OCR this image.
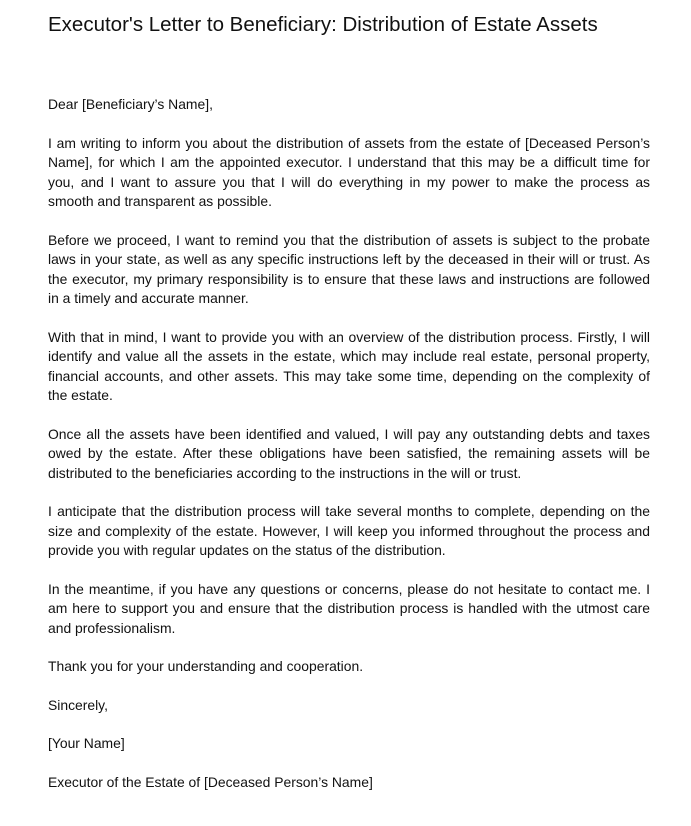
Executor's Letter to Beneficiary: Distribution of Estate Assets

Dear [Beneficiary’s Name],

I am writing to inform you about the distribution of assets from the estate of [Deceased Person’s Name], for which I am the appointed executor. I understand that this may be a difficult time for you, and I want to assure you that I will do everything in my power to make the process as smooth and transparent as possible.

Before we proceed, I want to remind you that the distribution of assets is subject to the probate laws in your state, as well as any specific instructions left by the deceased in their will or trust. As the executor, my primary responsibility is to ensure that these laws and instructions are followed in a timely and accurate manner.

With that in mind, I want to provide you with an overview of the distribution process. Firstly, I will identify and value all the assets in the estate, which may include real estate, personal property, financial accounts, and other assets. This may take some time, depending on the complexity of the estate.

Once all the assets have been identified and valued, I will pay any outstanding debts and taxes owed by the estate. After these obligations have been satisfied, the remaining assets will be distributed to the beneficiaries according to the instructions in the will or trust.

I anticipate that the distribution process will take several months to complete, depending on the size and complexity of the estate. However, I will keep you informed throughout the process and provide you with regular updates on the status of the distribution.

In the meantime, if you have any questions or concerns, please do not hesitate to contact me. I am here to support you and ensure that the distribution process is handled with the utmost care and professionalism.

Thank you for your understanding and cooperation.

Sincerely,

[Your Name]

Executor of the Estate of [Deceased Person’s Name]
